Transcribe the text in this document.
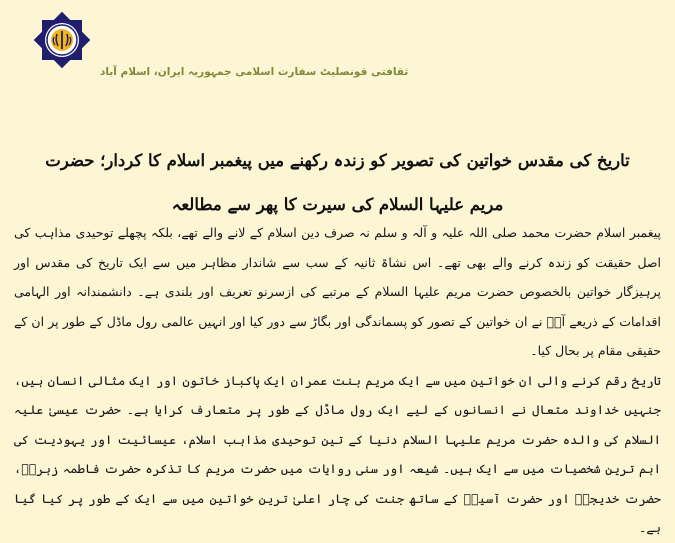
ثقافتی قونصلیٹ سفارت اسلامی جمہوریہ ایران، اسلام آباد
تاریخ کی مقدس خواتین کی تصویر کو زندہ رکھنے میں پیغمبر اسلام کا کردار؛ حضرت مریم علیہا السلام کی سیرت کا پھر سے مطالعہ

پیغمبر اسلام حضرت محمد صلی اللہ علیہ و آلہ و سلم نہ صرف دین اسلام کے لانے والے تھے، بلکہ پچھلے توحیدی مذاہب کی اصل حقیقت کو زندہ کرنے والے بھی تھے۔ اس نشاۃ ثانیہ کے سب سے شاندار مظاہر میں سے ایک تاریخ کی مقدس اور پرہیزگار خواتین بالخصوص حضرت مریم علیہا السلام کے مرتبے کی ازسرنو تعریف اور بلندی ہے۔ دانشمندانہ اور الہامی اقدامات کے ذریعے آپؐ نے ان خواتین کے تصور کو پسماندگی اور بگاڑ سے دور کیا اور انہیں عالمی رول ماڈل کے طور پر ان کے حقیقی مقام پر بحال کیا۔

تاریخ رقم کرنے والی ان خواتین میں سے ایک مریم بنت عمران ایک پاکباز خاتون اور ایک مثالی انسان ہیں، جنہیں خداوند متعال نے انسانوں کے لیے ایک رول ماڈل کے طور پر متعارف کرایا ہے۔ حضرت عیسیٰ علیہ السلام کی والدہ حضرت مریم علیہا السلام دنیا کے تین توحیدی مذاہب اسلام، عیسائیت اور یہودیت کی اہم ترین شخصیات میں سے ایک ہیں۔ شیعہ اور سنی روایات میں حضرت مریم کا تذکرہ حضرت فاطمہ زہراؑ، حضرت خدیجہؑ اور حضرت آسیہؑ کے ساتھ جنت کی چار اعلیٰ ترین خواتین میں سے ایک کے طور پر کیا گیا ہے۔
